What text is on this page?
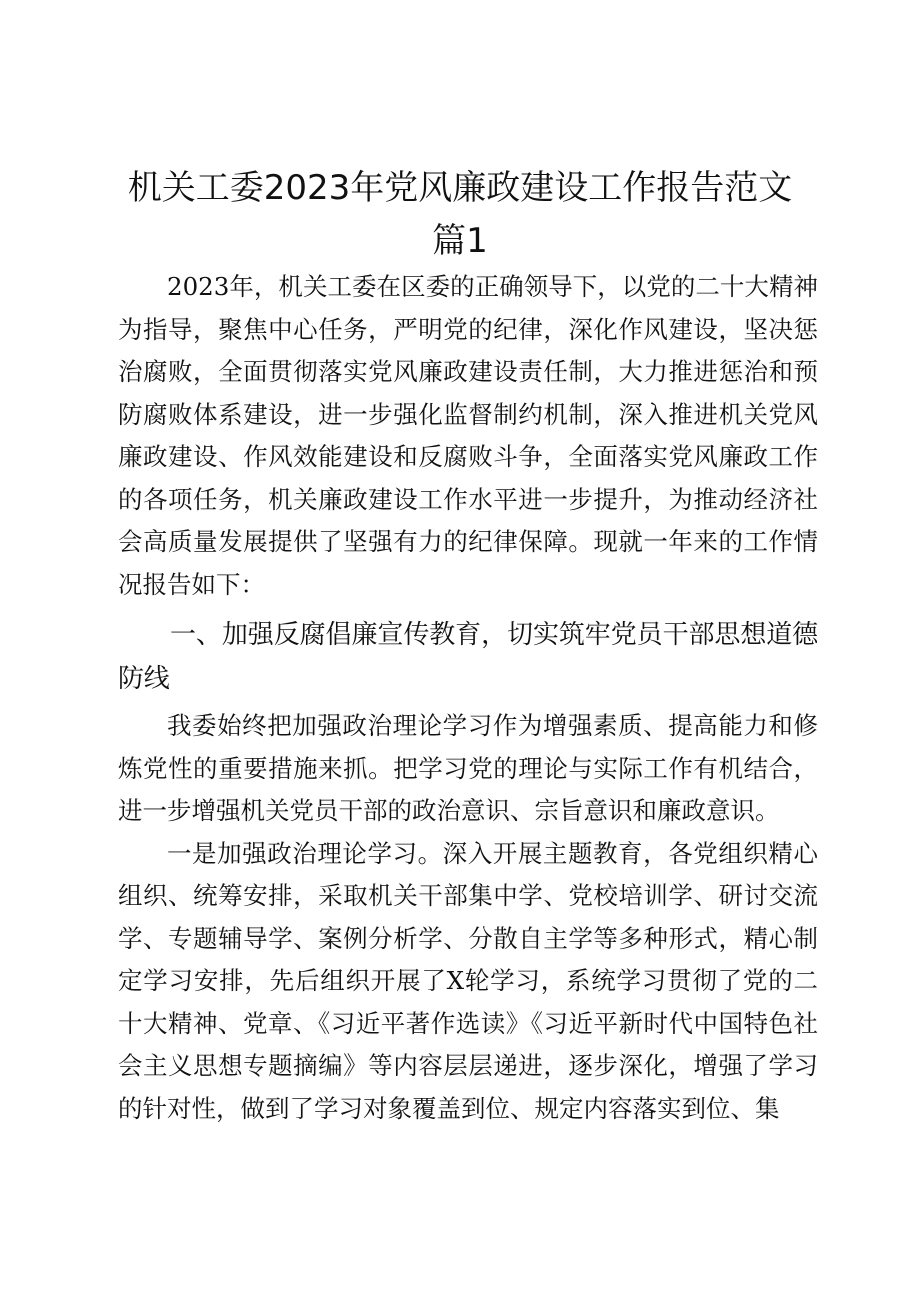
机关工委2023年党风廉政建设工作报告范文
篇1

2023年，机关工委在区委的正确领导下，以党的二十大精神为指导，聚焦中心任务，严明党的纪律，深化作风建设，坚决惩治腐败，全面贯彻落实党风廉政建设责任制，大力推进惩治和预防腐败体系建设，进一步强化监督制约机制，深入推进机关党风廉政建设、作风效能建设和反腐败斗争，全面落实党风廉政工作的各项任务，机关廉政建设工作水平进一步提升，为推动经济社会高质量发展提供了坚强有力的纪律保障。现就一年来的工作情况报告如下：

一、加强反腐倡廉宣传教育，切实筑牢党员干部思想道德防线

我委始终把加强政治理论学习作为增强素质、提高能力和修炼党性的重要措施来抓。把学习党的理论与实际工作有机结合，进一步增强机关党员干部的政治意识、宗旨意识和廉政意识。

一是加强政治理论学习。深入开展主题教育，各党组织精心组织、统筹安排，采取机关干部集中学、党校培训学、研讨交流学、专题辅导学、案例分析学、分散自主学等多种形式，精心制定学习安排，先后组织开展了X轮学习，系统学习贯彻了党的二十大精神、党章、《习近平著作选读》《习近平新时代中国特色社会主义思想专题摘编》等内容层层递进，逐步深化，增强了学习的针对性，做到了学习对象覆盖到位、规定内容落实到位、集
